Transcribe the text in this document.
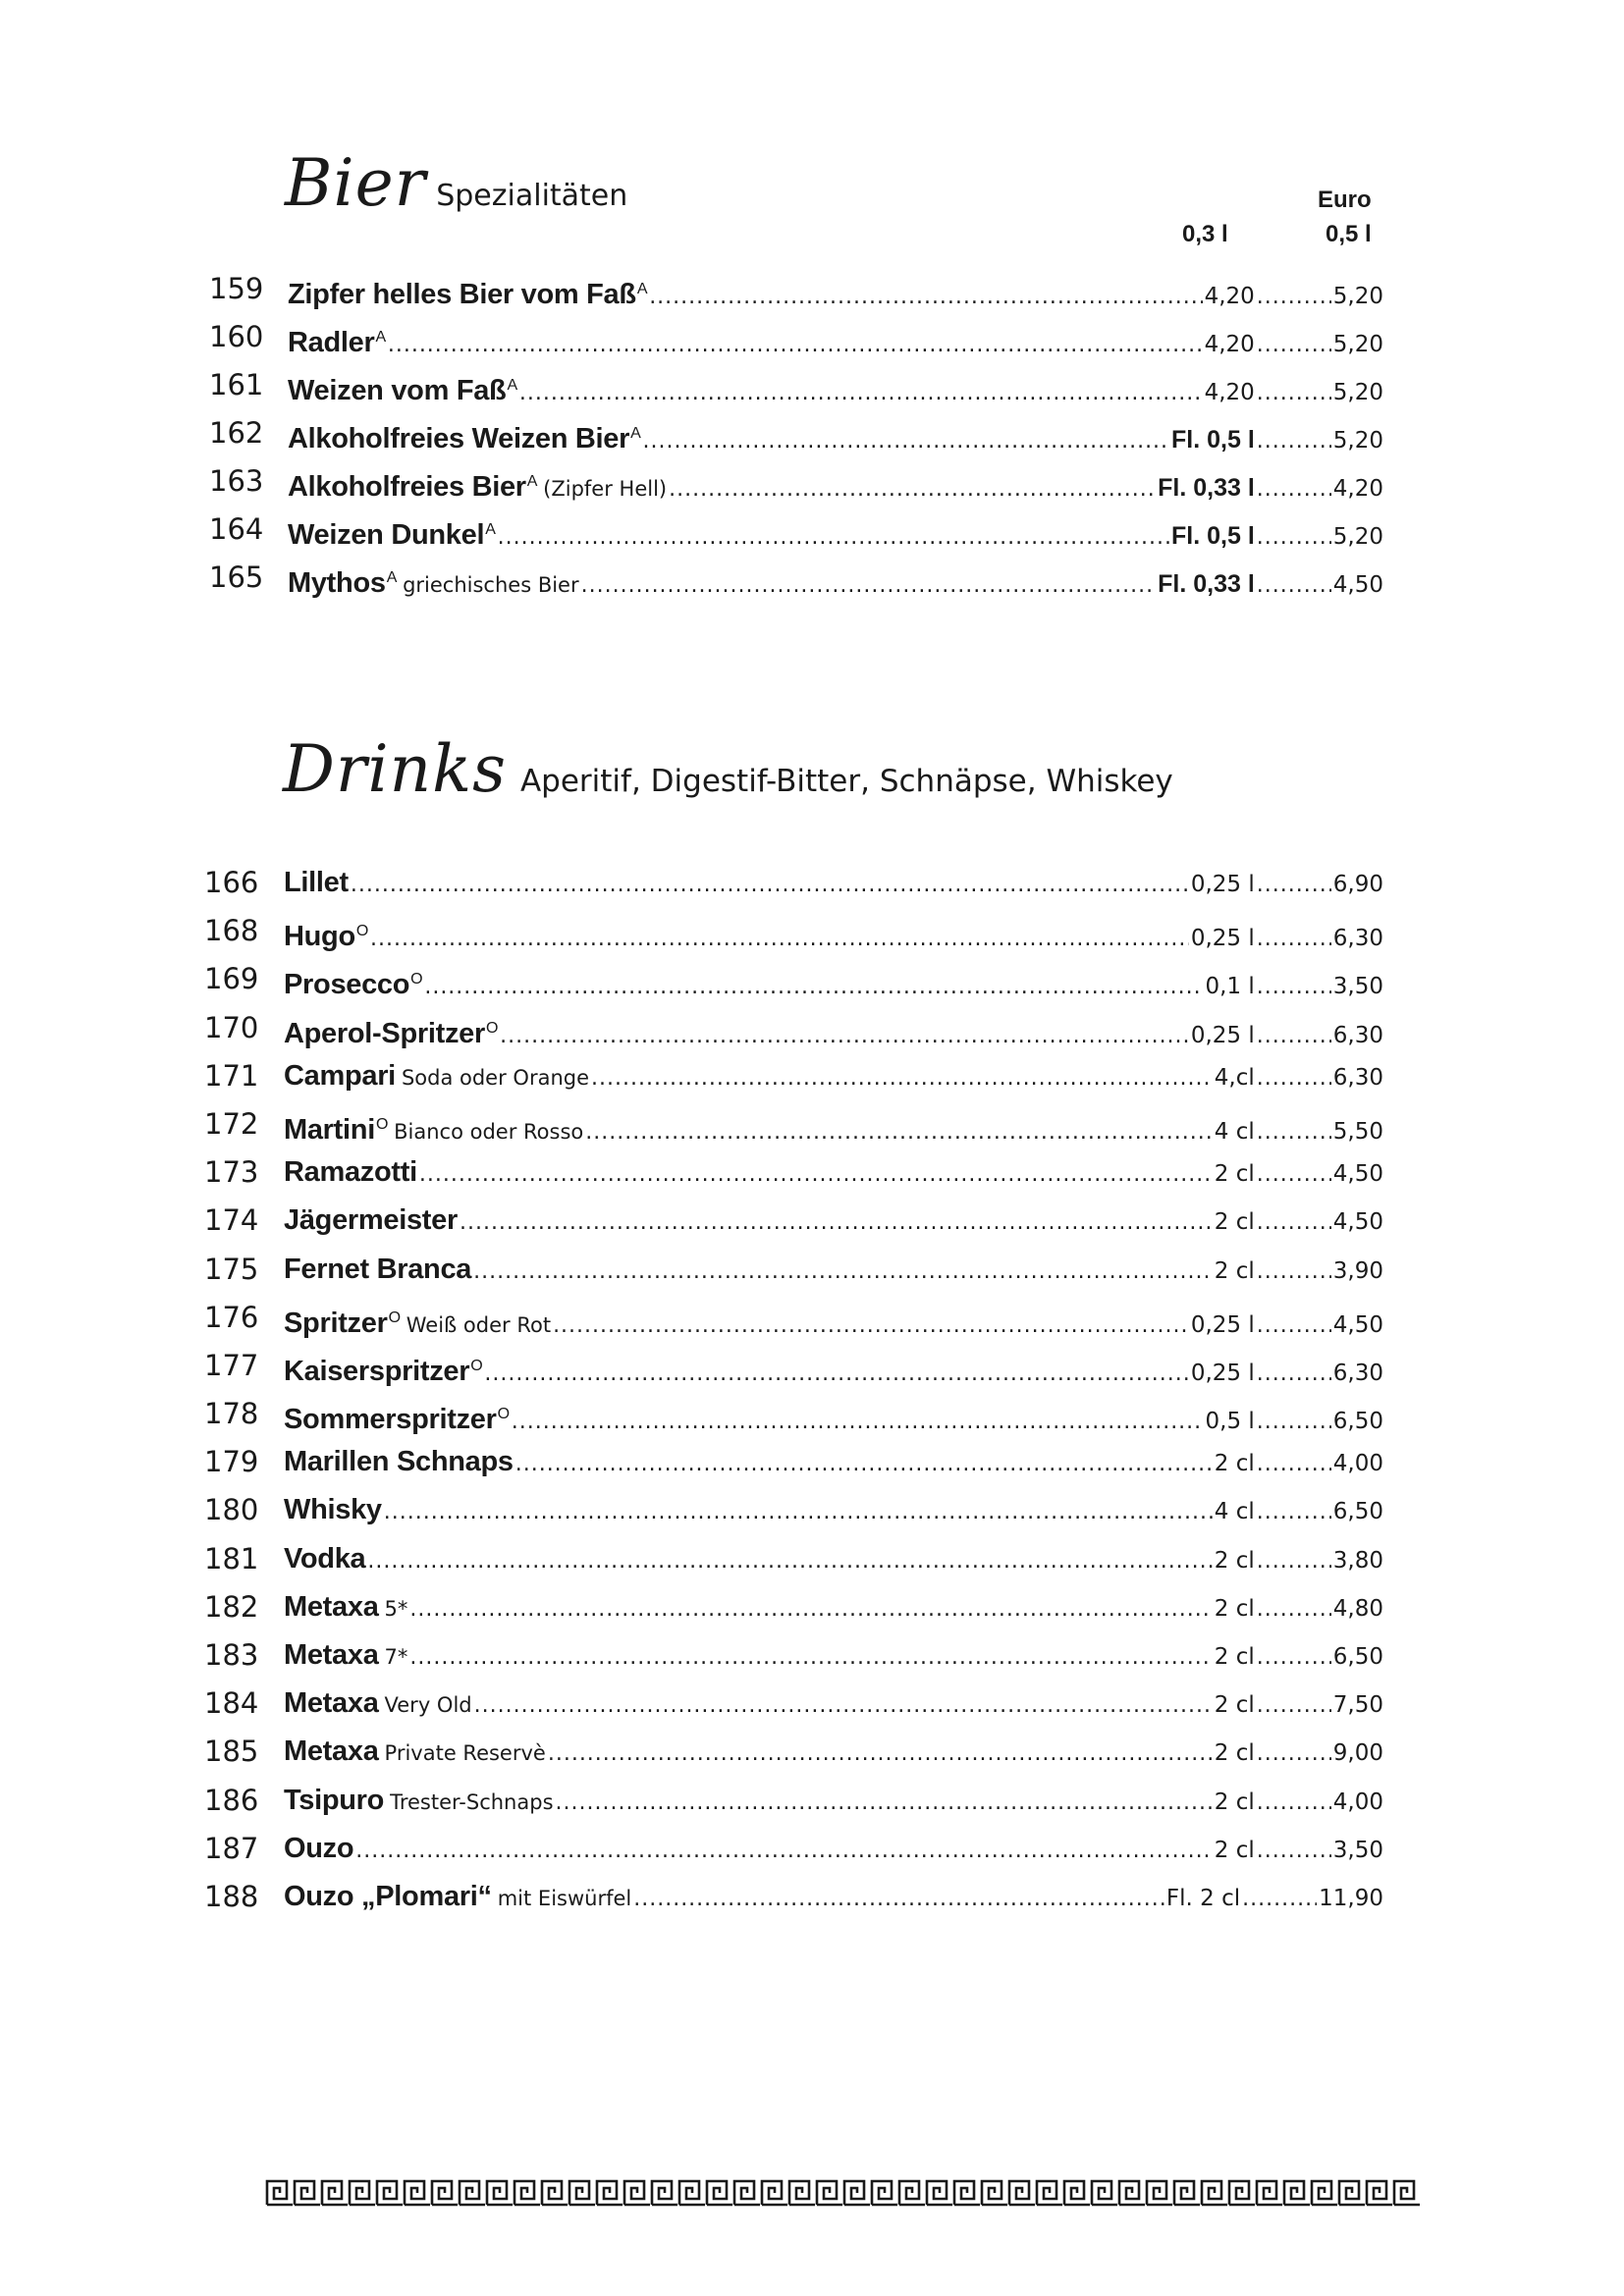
Bier Spezialitäten	Euro
0,3 l	0,5 l
159 Zipfer helles Bier vom Faß$^A$ .....	4,20 .....	5,20
160 Radler$^A$ .....	4,20 .....	5,20
161 Weizen vom Faß$^A$ .....	4,20 .....	5,20
162 Alkoholfreies Weizen Bier$^A$ .....	Fl. 0,5 l .....	5,20
163 Alkoholfreies Bier$^A$ (Zipfer Hell) .....	Fl. 0,33 l .....	4,20
164 Weizen Dunkel$^A$ .....	Fl. 0,5 l .....	5,20
165 Mythos$^A$ griechisches Bier .....	Fl. 0,33 l .....	4,50
Drinks Aperitif, Digestif-Bitter, Schnäpse, Whiskey
166 Lillet .....	0,25 l .....	6,90
168 Hugo$^O$ .....	0,25 l .....	6,30
169 Prosecco$^O$ .....	0,1 l .....	3,50
170 Aperol-Spritzer$^O$ .....	0,25 l .....	6,30
171 Campari Soda oder Orange .....	4,cl .....	6,30
172 Martini$^O$ Bianco oder Rosso .....	4 cl .....	5,50
173 Ramazotti .....	2 cl .....	4,50
174 Jägermeister .....	2 cl .....	4,50
175 Fernet Branca .....	2 cl .....	3,90
176 Spritzer$^O$ Weiß oder Rot .....	0,25 l .....	4,50
177 Kaiserspritzer$^O$ .....	0,25 l .....	6,30
178 Sommerspritzer$^O$ .....	0,5 l .....	6,50
179 Marillen Schnaps .....	2 cl .....	4,00
180 Whisky .....	4 cl .....	6,50
181 Vodka .....	2 cl .....	3,80
182 Metaxa 5* .....	2 cl .....	4,80
183 Metaxa 7* .....	2 cl .....	6,50
184 Metaxa Very Old .....	2 cl .....	7,50
185 Metaxa Private Reservè .....	2 cl .....	9,00
186 Tsipuro Trester-Schnaps .....	2 cl .....	4,00
187 Ouzo .....	2 cl .....	3,50
188 Ouzo „Plomari“ mit Eiswürfel .....	Fl. 2 cl .....	11,90
